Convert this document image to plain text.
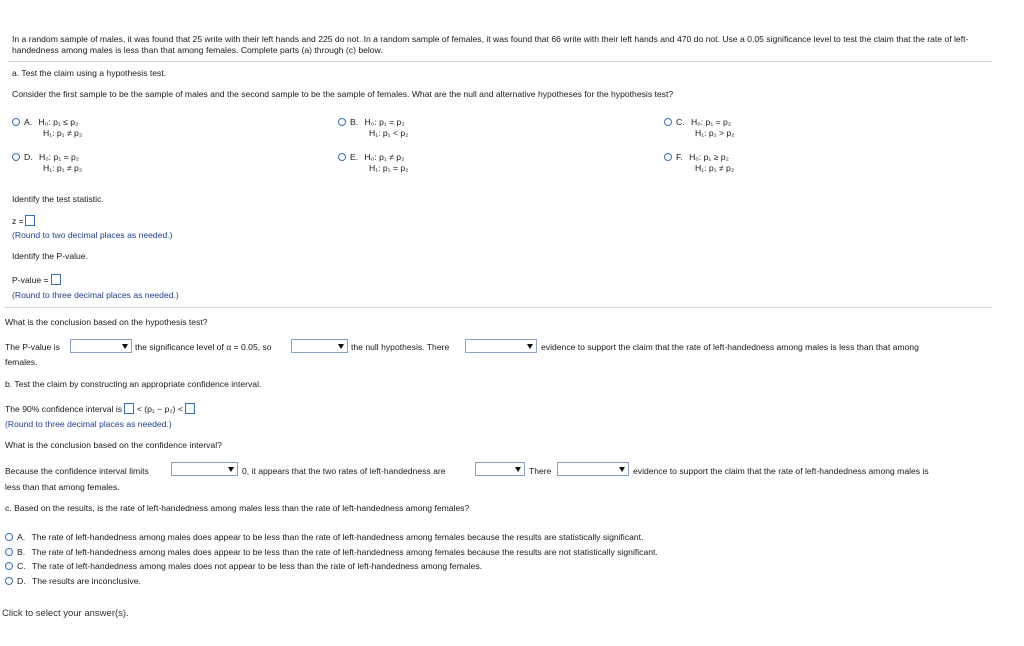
In a random sample of males, it was found that 25 write with their left hands and 225 do not. In a random sample of females, it was found that 66 write with their left hands and 470 do not. Use a 0.05 significance level to test the claim that the rate of left-handedness among males is less than that among females. Complete parts (a) through (c) below.
a. Test the claim using a hypothesis test.
Consider the first sample to be the sample of males and the second sample to be the sample of females. What are the null and alternative hypotheses for the hypothesis test?
A. H₀: p₁ ≤ p₂
H₁: p₁ ≠ p₂
B. H₀: p₁ = p₂
H₁: p₁ < p₂
C. H₀: p₁ = p₂
H₁: p₁ > p₂
D. H₀: p₁ = p₂
H₁: p₁ ≠ p₂
E. H₀: p₁ ≠ p₂
H₁: p₁ = p₂
F. H₀: p₁ ≥ p₂
H₁: p₁ ≠ p₂
Identify the test statistic.
z =
(Round to two decimal places as needed.)
Identify the P-value.
P-value =
(Round to three decimal places as needed.)
What is the conclusion based on the hypothesis test?
The P-value is	the significance level of α = 0.05, so	the null hypothesis. There	evidence to support the claim that the rate of left-handedness among males is less than that among
females.
b. Test the claim by constructing an appropriate confidence interval.
The 90% confidence interval is < (p₁ − p₂) <
(Round to three decimal places as needed.)
What is the conclusion based on the confidence interval?
Because the confidence interval limits	0, it appears that the two rates of left-handedness are	There	evidence to support the claim that the rate of left-handedness among males is
less than that among females.
c. Based on the results, is the rate of left-handedness among males less than the rate of left-handedness among females?
A. The rate of left-handedness among males does appear to be less than the rate of left-handedness among females because the results are statistically significant.
B. The rate of left-handedness among males does appear to be less than the rate of left-handedness among females because the results are not statistically significant.
C. The rate of left-handedness among males does not appear to be less than the rate of left-handedness among females.
D. The results are inconclusive.
Click to select your answer(s).
